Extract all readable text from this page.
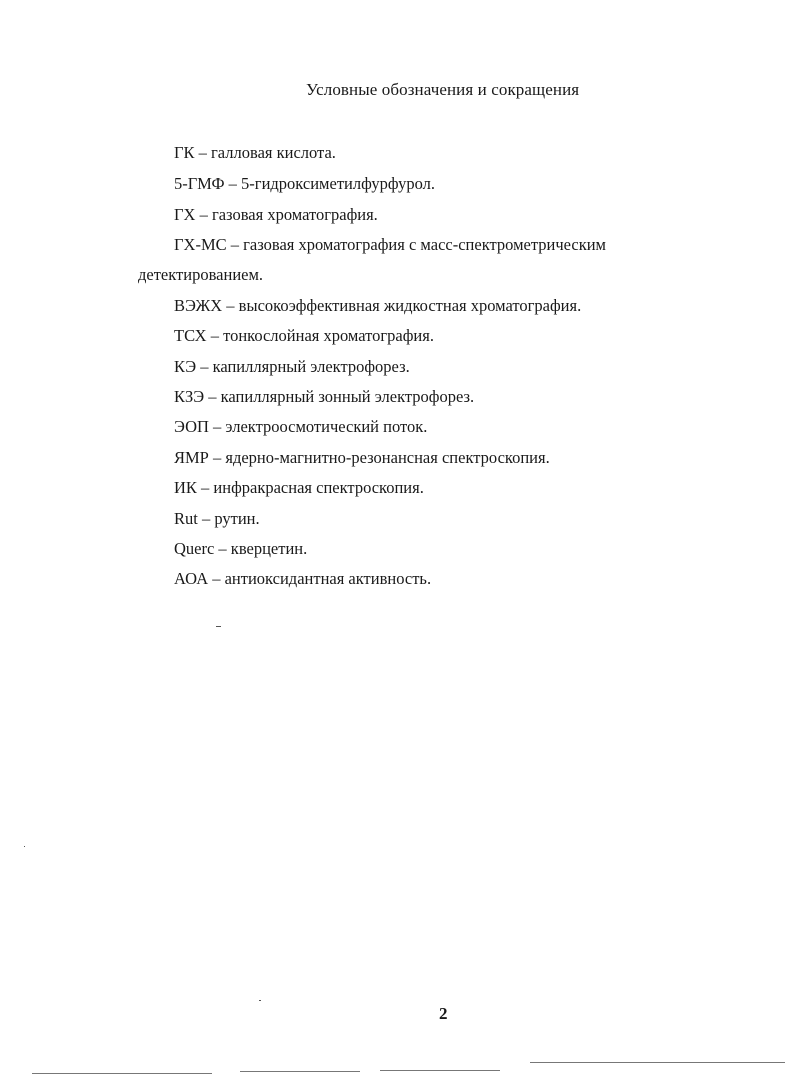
Условные обозначения и сокращения
ГК – галловая кислота.
5-ГМФ – 5-гидроксиметилфурфурол.
ГХ – газовая хроматография.
ГХ-МС – газовая хроматография с масс-спектрометрическим
детектированием.
ВЭЖХ – высокоэффективная жидкостная хроматография.
ТСХ – тонкослойная хроматография.
КЭ – капиллярный электрофорез.
КЗЭ – капиллярный зонный электрофорез.
ЭОП – электроосмотический поток.
ЯМР – ядерно-магнитно-резонансная спектроскопия.
ИК – инфракрасная спектроскопия.
Rut – рутин.
Querc – кверцетин.
АОА – антиоксидантная активность.
2
